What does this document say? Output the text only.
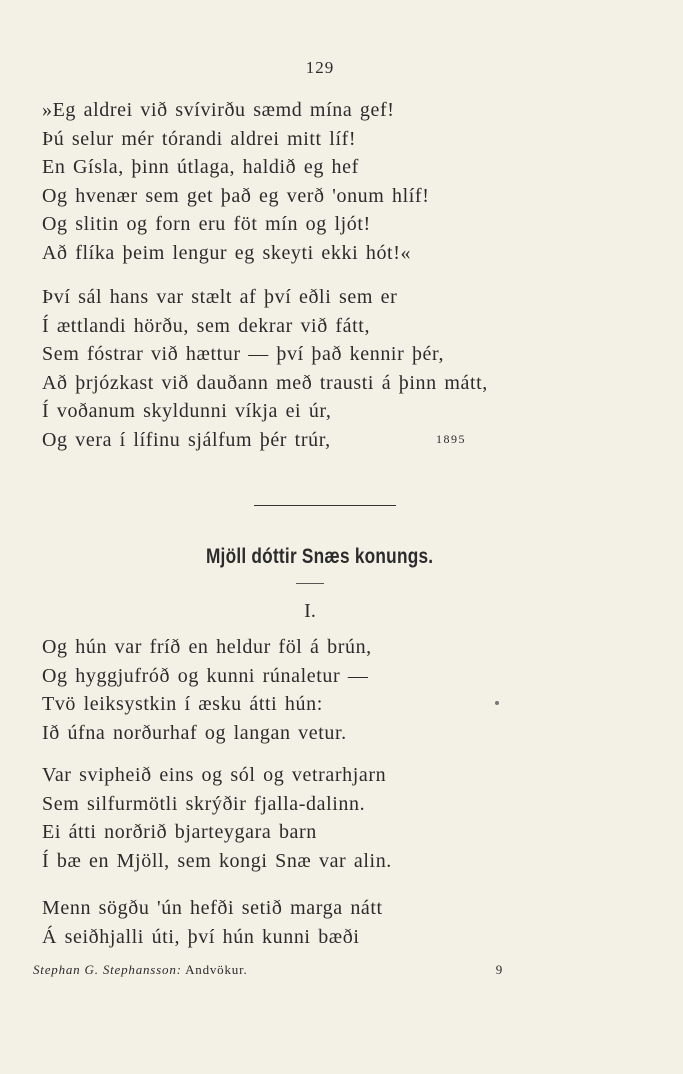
129
»Eg aldrei við svívirðu sæmd mína gef!
Þú selur mér tórandi aldrei mitt líf!
En Gísla, þinn útlaga, haldið eg hef
Og hvenær sem get það eg verð 'onum hlíf!
Og slitin og forn eru föt mín og ljót!
Að flíka þeim lengur eg skeyti ekki hót!«
Því sál hans var stælt af því eðli sem er
Í ættlandi hörðu, sem dekrar við fátt,
Sem fóstrar við hættur — því það kennir þér,
Að þrjózkast við dauðann með trausti á þinn mátt,
Í voðanum skyldunni víkja ei úr,
Og vera í lífinu sjálfum þér trúr,	1895
Mjöll dóttir Snæs konungs.
I.
Og hún var fríð en heldur föl á brún,
Og hyggjufróð og kunni rúnaletur —
Tvö leiksystkin í æsku átti hún:
Ið úfna norðurhaf og langan vetur.
Var svipheið eins og sól og vetrarhjarn
Sem silfurmötli skrýðir fjalla-dalinn.
Ei átti norðrið bjarteygara barn
Í bæ en Mjöll, sem kongi Snæ var alin.
Menn sögðu 'ún hefði setið marga nátt
Á seiðhjalli úti, því hún kunni bæði
Stephan G. Stephansson: Andvökur.	9
